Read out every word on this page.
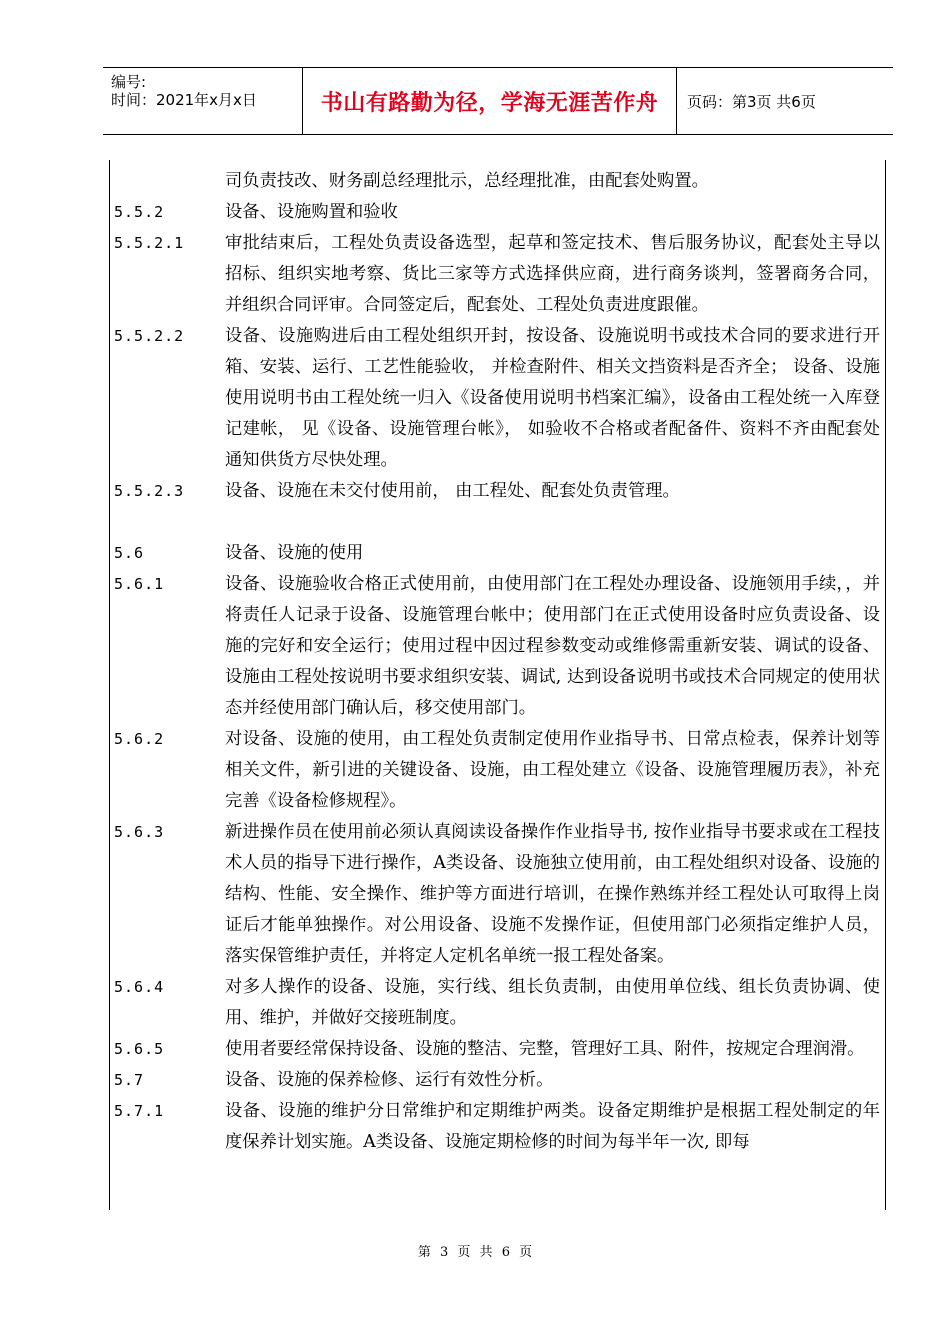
编号:
时间：2021年x月x日	书山有路勤为径，学海无涯苦作舟 页码：第3页 共6页
司负责技改、财务副总经理批示，总经理批准，由配套处购置。
5.5.2	设备、设施购置和验收
5.5.2.1	审批结束后，工程处负责设备选型，起草和签定技术、售后服务协议，配套处主导以招标、组织实地考察、货比三家等方式选择供应商，进行商务谈判，签署商务合同，并组织合同评审。合同签定后，配套处、工程处负责进度跟催。
5.5.2.2	设备、设施购进后由工程处组织开封，按设备、设施说明书或技术合同的要求进行开箱、安装、运行、工艺性能验收， 并检查附件、相关文挡资料是否齐全； 设备、设施使用说明书由工程处统一归入《设备使用说明书档案汇编》，设备由工程处统一入库登记建帐， 见《设备、设施管理台帐》， 如验收不合格或者配备件、资料不齐由配套处通知供货方尽快处理。
5.5.2.3	设备、设施在未交付使用前， 由工程处、配套处负责管理。
5.6	设备、设施的使用
5.6.1	设备、设施验收合格正式使用前，由使用部门在工程处办理设备、设施领用手续，，并将责任人记录于设备、设施管理台帐中；使用部门在正式使用设备时应负责设备、设施的完好和安全运行；使用过程中因过程参数变动或维修需重新安装、调试的设备、设施由工程处按说明书要求组织安装、调试, 达到设备说明书或技术合同规定的使用状态并经使用部门确认后，移交使用部门。
5.6.2	对设备、设施的使用，由工程处负责制定使用作业指导书、日常点检表，保养计划等相关文件，新引进的关键设备、设施，由工程处建立《设备、设施管理履历表》，补充完善《设备检修规程》。
5.6.3	新进操作员在使用前必须认真阅读设备操作作业指导书, 按作业指导书要求或在工程技术人员的指导下进行操作，A类设备、设施独立使用前，由工程处组织对设备、设施的结构、性能、安全操作、维护等方面进行培训，在操作熟练并经工程处认可取得上岗证后才能单独操作。对公用设备、设施不发操作证，但使用部门必须指定维护人员，落实保管维护责任，并将定人定机名单统一报工程处备案。
5.6.4	对多人操作的设备、设施，实行线、组长负责制，由使用单位线、组长负责协调、使用、维护，并做好交接班制度。
5.6.5	使用者要经常保持设备、设施的整洁、完整，管理好工具、附件，按规定合理润滑。
5.7	设备、设施的保养检修、运行有效性分析。
5.7.1	设备、设施的维护分日常维护和定期维护两类。设备定期维护是根据工程处制定的年度保养计划实施。A类设备、设施定期检修的时间为每半年一次, 即每
第 3 页 共 6 页
